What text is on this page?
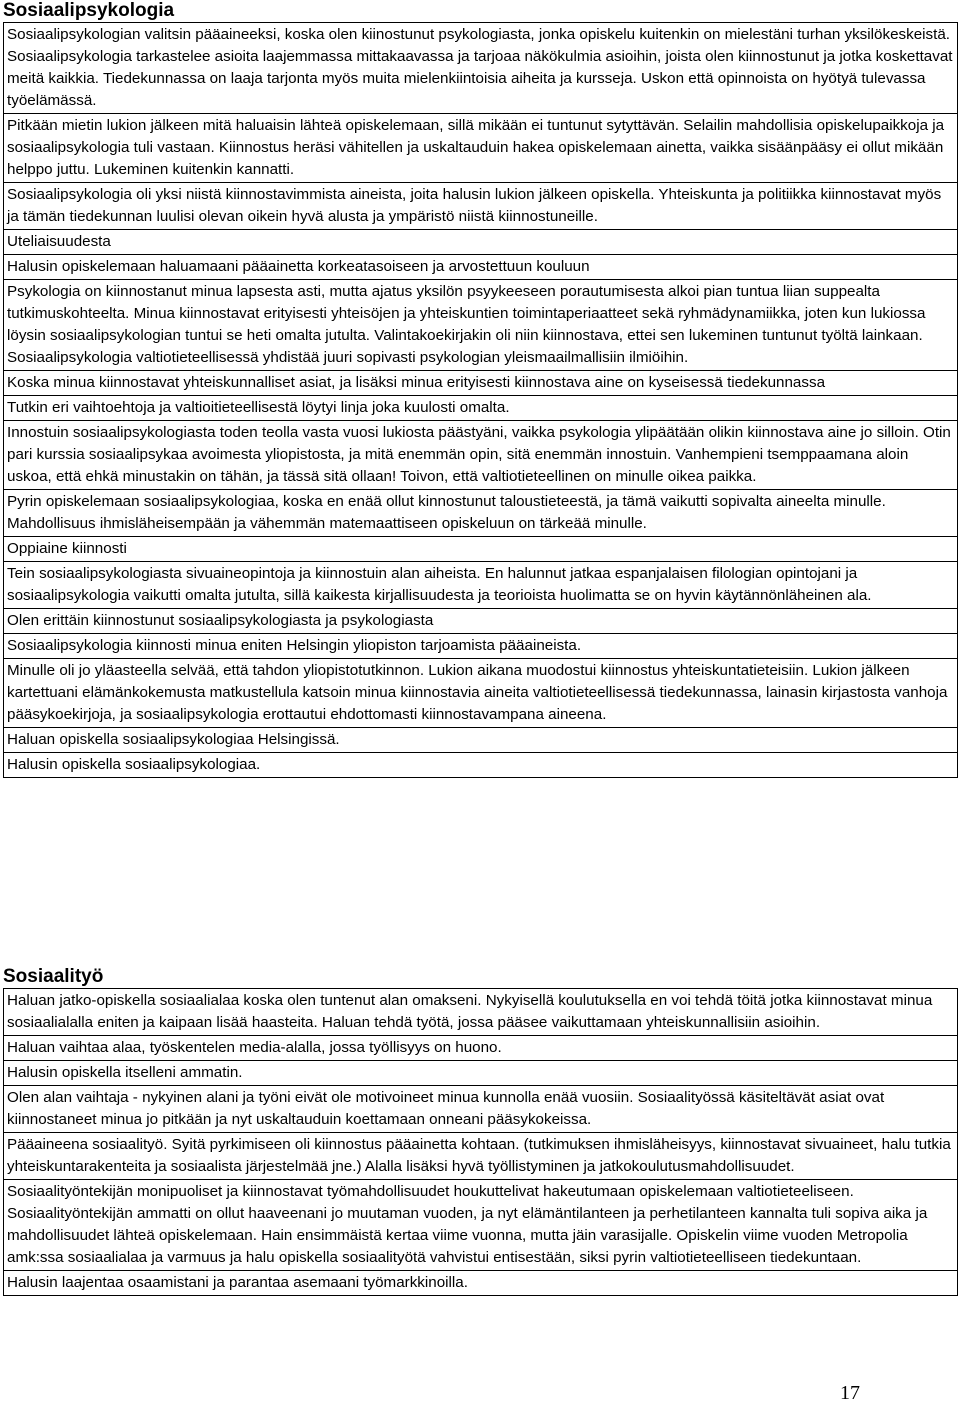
Sosiaalipsykologia
Sosiaalipsykologian valitsin pääaineeksi, koska olen kiinostunut psykologiasta, jonka opiskelu kuitenkin on mielestäni turhan yksilökeskeistä. Sosiaalipsykologia tarkastelee asioita laajemmassa mittakaavassa ja tarjoaa näkökulmia asioihin, joista olen kiinnostunut ja jotka koskettavat meitä kaikkia. Tiedekunnassa on laaja tarjonta myös muita mielenkiintoisia aiheita ja kursseja. Uskon että opinnoista on hyötyä tulevassa työelämässä.
Pitkään mietin lukion jälkeen mitä haluaisin lähteä opiskelemaan, sillä mikään ei tuntunut sytyttävän. Selailin mahdollisia opiskelupaikkoja ja sosiaalipsykologia tuli vastaan. Kiinnostus heräsi vähitellen ja uskaltauduin hakea opiskelemaan ainetta, vaikka sisäänpääsy ei ollut mikään helppo juttu. Lukeminen kuitenkin kannatti.
Sosiaalipsykologia oli yksi niistä kiinnostavimmista aineista, joita halusin lukion jälkeen opiskella. Yhteiskunta ja politiikka kiinnostavat myös ja tämän tiedekunnan luulisi olevan oikein hyvä alusta ja ympäristö niistä kiinnostuneille.
Uteliaisuudesta
Halusin opiskelemaan haluamaani pääainetta korkeatasoiseen ja arvostettuun kouluun
Psykologia on kiinnostanut minua lapsesta asti, mutta ajatus yksilön psyykeeseen porautumisesta alkoi pian tuntua liian suppealta tutkimuskohteelta. Minua kiinnostavat erityisesti yhteisöjen ja yhteiskuntien toimintaperiaatteet sekä ryhmädynamiikka, joten kun lukiossa löysin sosiaalipsykologian tuntui se heti omalta jutulta. Valintakoekirjakin oli niin kiinnostava, ettei sen lukeminen tuntunut työltä lainkaan. Sosiaalipsykologia valtiotieteellisessä yhdistää juuri sopivasti psykologian yleismaailmallisiin ilmiöihin.
Koska minua kiinnostavat yhteiskunnalliset asiat, ja lisäksi minua erityisesti kiinnostava aine on kyseisessä tiedekunnassa
Tutkin eri vaihtoehtoja ja valtioitieteellisestä löytyi linja joka kuulosti omalta.
Innostuin sosiaalipsykologiasta toden teolla vasta vuosi lukiosta päästyäni, vaikka psykologia ylipäätään olikin kiinnostava aine jo silloin. Otin pari kurssia sosiaalipsykaa avoimesta yliopistosta, ja mitä enemmän opin, sitä enemmän innostuin. Vanhempieni tsemppaamana aloin uskoa, että ehkä minustakin on tähän, ja tässä sitä ollaan! Toivon, että valtiotieteellinen on minulle oikea paikka.
Pyrin opiskelemaan sosiaalipsykologiaa, koska en enää ollut kinnostunut taloustieteestä, ja tämä vaikutti sopivalta aineelta minulle. Mahdollisuus ihmisläheisempään ja vähemmän matemaattiseen opiskeluun on tärkeää minulle.
Oppiaine kiinnosti
Tein sosiaalipsykologiasta sivuaineopintoja ja kiinnostuin alan aiheista. En halunnut jatkaa espanjalaisen filologian opintojani ja sosiaalipsykologia vaikutti omalta jutulta, sillä kaikesta kirjallisuudesta ja teorioista huolimatta se on hyvin käytännönläheinen ala.
Olen erittäin kiinnostunut sosiaalipsykologiasta ja psykologiasta
Sosiaalipsykologia kiinnosti minua eniten Helsingin yliopiston tarjoamista pääaineista.
Minulle oli jo yläasteella selvää, että tahdon yliopistotutkinnon. Lukion aikana muodostui kiinnostus yhteiskuntatieteisiin. Lukion jälkeen kartettuani elämänkokemusta matkustellula katsoin minua kiinnostavia aineita valtiotieteellisessä tiedekunnassa, lainasin kirjastosta vanhoja pääsykoekirjoja, ja sosiaalipsykologia erottautui ehdottomasti kiinnostavampana aineena.
Haluan opiskella sosiaalipsykologiaa Helsingissä.
Halusin opiskella sosiaalipsykologiaa.
Sosiaalityö
Haluan jatko-opiskella sosiaalialaa koska olen tuntenut alan omakseni. Nykyisellä koulutuksella en voi tehdä töitä jotka kiinnostavat minua sosiaalialalla eniten ja kaipaan lisää haasteita. Haluan tehdä työtä, jossa pääsee vaikuttamaan yhteiskunnallisiin asioihin.
Haluan vaihtaa alaa, työskentelen media-alalla, jossa työllisyys on huono.
Halusin opiskella itselleni ammatin.
Olen alan vaihtaja - nykyinen alani ja työni eivät ole motivoineet minua kunnolla enää vuosiin. Sosiaalityössä käsiteltävät asiat ovat kiinnostaneet minua jo pitkään ja nyt uskaltauduin koettamaan onneani pääsykokeissa.
Pääaineena sosiaalityö. Syitä pyrkimiseen oli kiinnostus pääainetta kohtaan. (tutkimuksen ihmisläheisyys, kiinnostavat sivuaineet, halu tutkia yhteiskuntarakenteita ja sosiaalista järjestelmää jne.) Alalla lisäksi hyvä työllistyminen ja jatkokoulutusmahdollisuudet.
Sosiaalityöntekijän monipuoliset ja kiinnostavat työmahdollisuudet houkuttelivat hakeutumaan opiskelemaan valtiotieteeliseen. Sosiaalityöntekijän ammatti on ollut haaveenani jo muutaman vuoden, ja nyt elämäntilanteen ja perhetilanteen kannalta tuli sopiva aika ja mahdollisuudet lähteä opiskelemaan. Hain ensimmäistä kertaa viime vuonna, mutta jäin varasijalle. Opiskelin viime vuoden Metropolia amk:ssa sosiaalialaa ja varmuus ja halu opiskella sosiaalityötä vahvistui entisestään, siksi pyrin valtiotieteelliseen tiedekuntaan.
Halusin laajentaa osaamistani ja parantaa asemaani työmarkkinoilla.
17
